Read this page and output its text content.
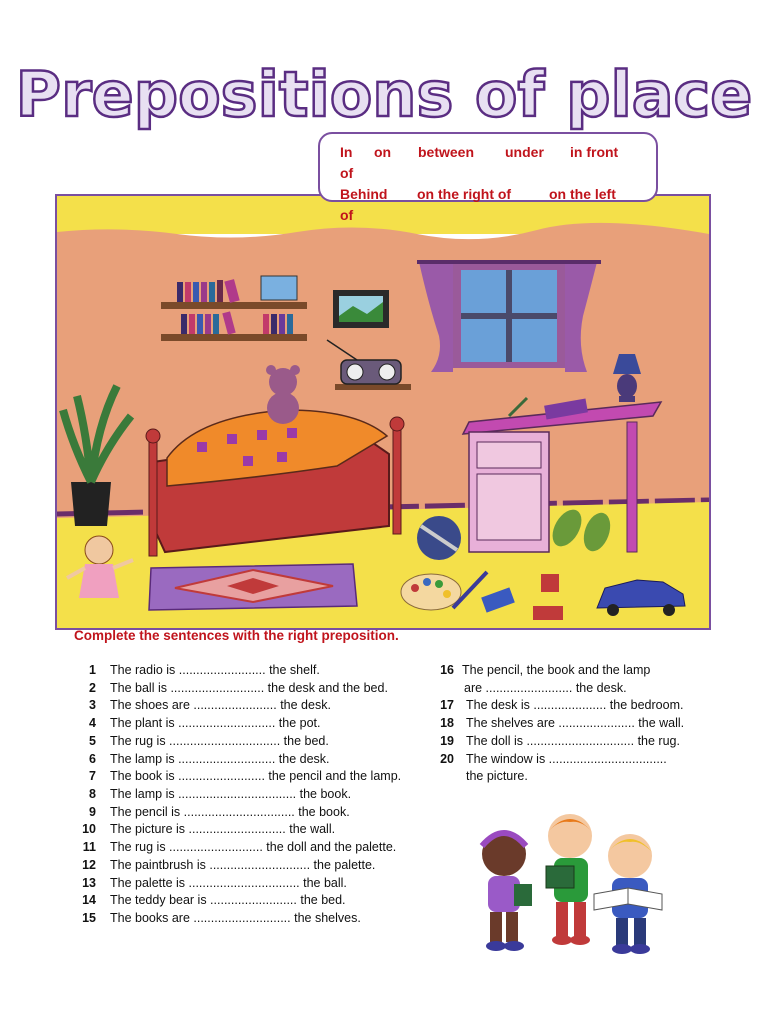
Prepositions of place
In on between under in front
of
Behind on the right of	on the left
of
Complete the sentences with the right preposition.
1 The radio is ......................... the shelf.
2 The ball is ........................... the desk and the bed.
3 The shoes are ........................ the desk.
4 The plant is ............................ the pot.
5 The rug is ................................ the bed.
6 The lamp is ............................ the desk.
7 The book is ......................... the pencil and the lamp.
8 The lamp is .................................. the book.
9 The pencil is ................................ the book.
10 The picture is ............................ the wall.
11 The rug is ........................... the doll and the palette.
12 The paintbrush is ............................. the palette.
13 The palette is ................................ the ball.
14 The teddy bear is ......................... the bed.
15 The books are ............................ the shelves.
16 The pencil, the book and the lamp
are ......................... the desk.
17 The desk is ..................... the bedroom.
18 The shelves are ...................... the wall.
19 The doll is ............................... the rug.
20 The window is ..................................
the picture.
